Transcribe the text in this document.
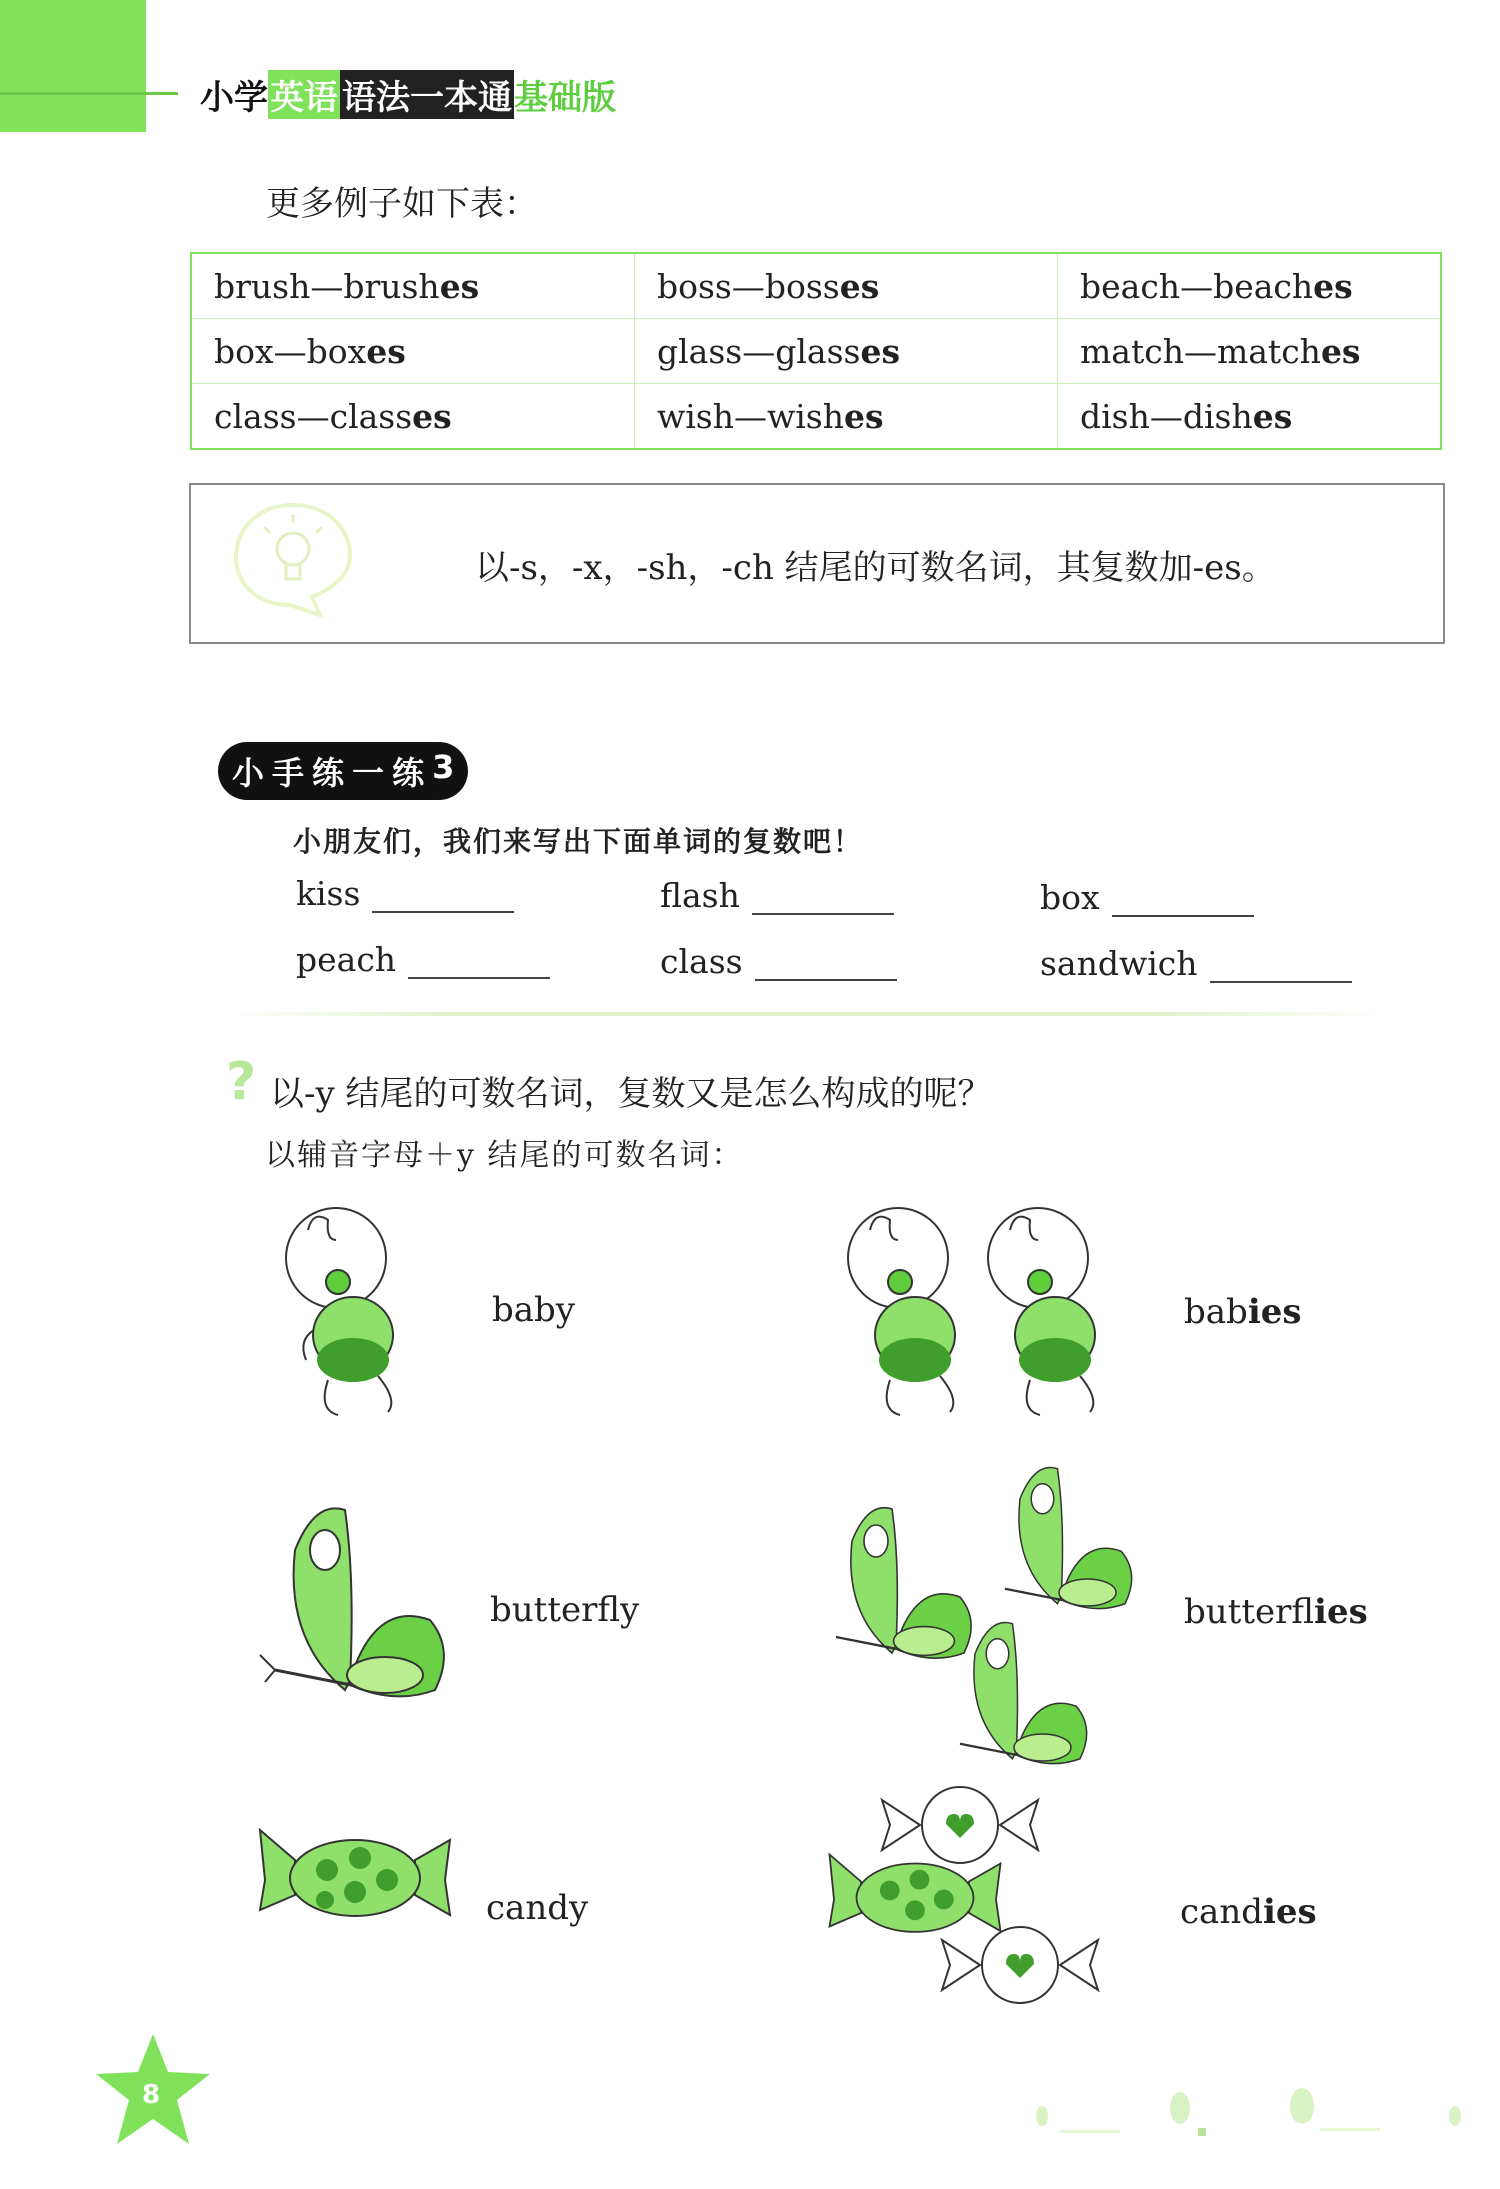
小学 英语 语法一本通 基础版
更多例子如下表：
brush—brushes	boss—bosses	beach—beaches
box—boxes	glass—glasses	match—matches
class—classes	wish—wishes	dish—dishes
以-s，-x，-sh，-ch 结尾的可数名词，其复数加-es。
小 手 练 一 练 3
小朋友们，我们来写出下面单词的复数吧！
kiss	flash	box
peach	class	sandwich
? 以-y 结尾的可数名词，复数又是怎么构成的呢？
以辅音字母＋y 结尾的可数名词：
baby	babies
butterfly	butterflies
candy	candies
8
